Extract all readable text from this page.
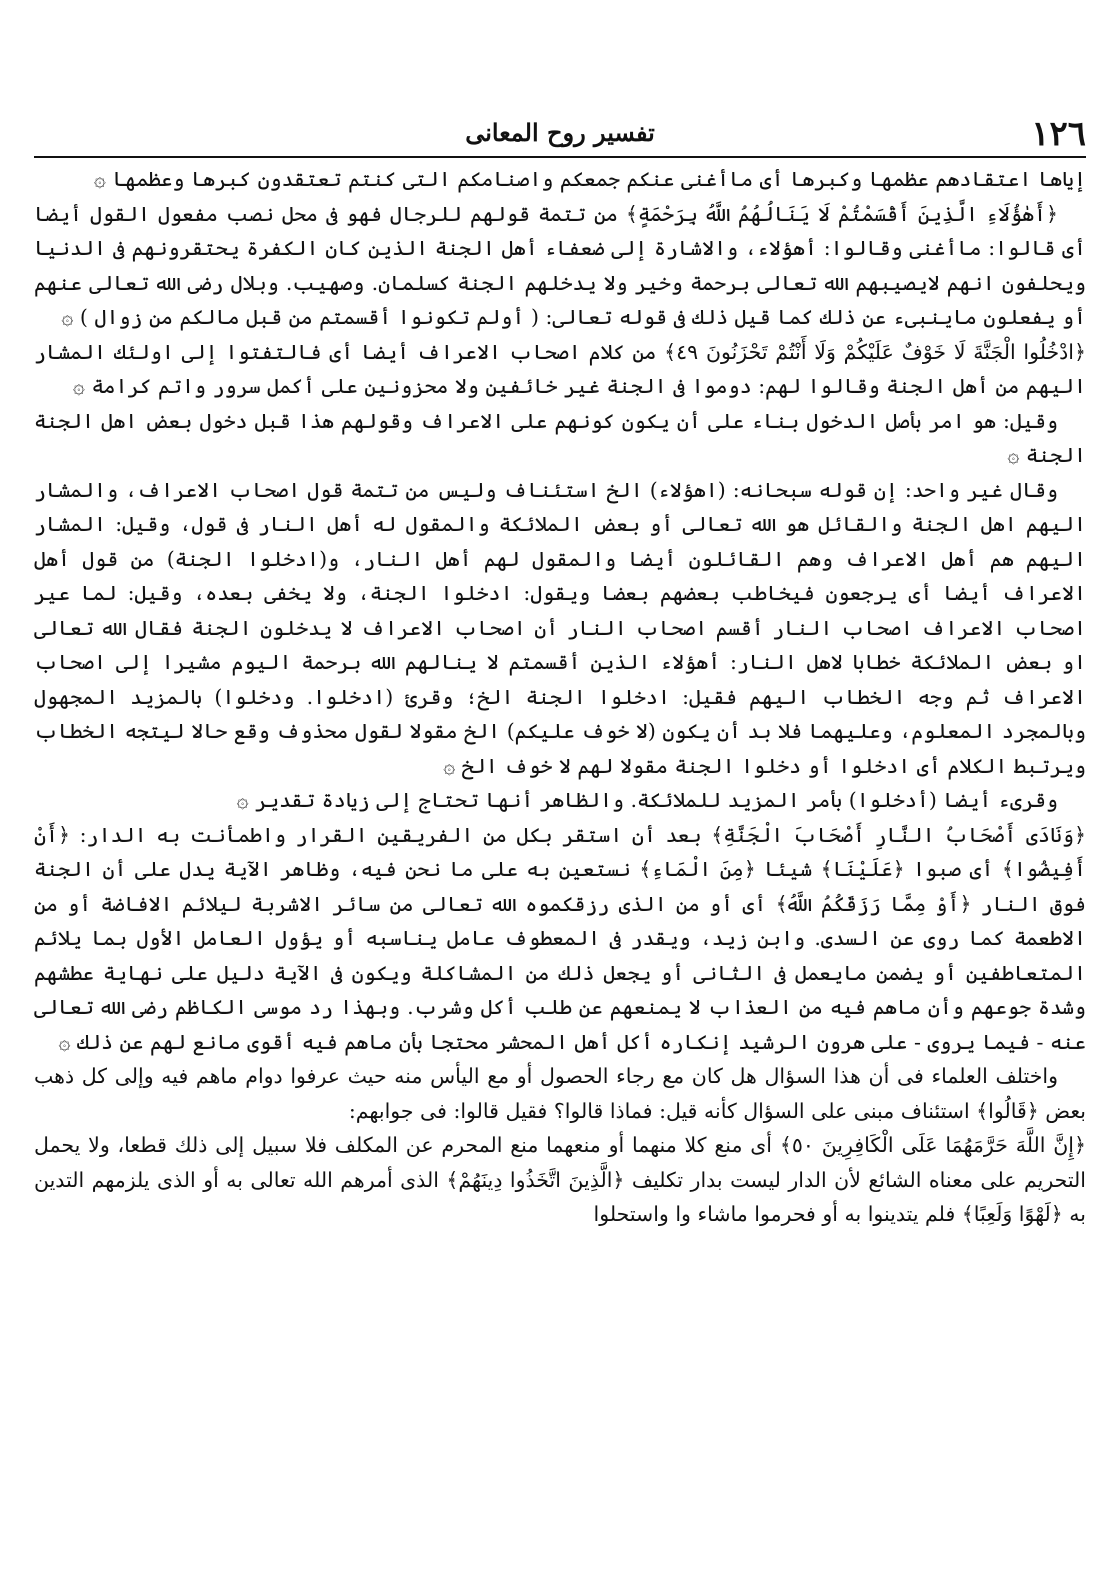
١٢٦
تفسير روح المعانى

إياها اعتقادهم عظمها وكبرها أى ماأغنى عنكم جمعكم واصنامكم التى كنتم تعتقدون كبرها وعظمها ۞

﴿أَهٰؤُلَاءِ الَّذِينَ أَقْسَمْتُمْ لَا يَنَالُهُمُ اللَّهُ بِرَحْمَةٍ﴾ من تتمة قولهم للرجال فهو فى محل نصب مفعول القول أيضا أى قالوا: ماأغنى وقالوا: أهؤلاء، والاشارة إلى ضعفاء أهل الجنة الذين كان الكفرة يحتقرونهم فى الدنيا ويحلفون انهم لايصيبهم الله تعالى برحمة وخير ولا يدخلهم الجنة كسلمان. وصهيب. وبلال رضى الله تعالى عنهم أو يفعلون ماينبىء عن ذلك كما قيل ذلك فى قوله تعالى: ( أولم تكونوا أقسمتم من قبل مالكم من زوال ) ۞

﴿ادْخُلُوا الْجَنَّةَ لَا خَوْفٌ عَلَيْكُمْ وَلَا أَنْتُمْ تَحْزَنُونَ ٤٩﴾ من كلام اصحاب الاعراف أيضا أى فالتفتوا إلى اولئك المشار اليهم من أهل الجنة وقالوا لهم: دوموا فى الجنة غير خائفين ولا محزونين على أكمل سرور واتم كرامة ۞

وقيل: هو امر بأصل الدخول بناء على أن يكون كونهم على الاعراف وقولهم هذا قبل دخول بعض اهل الجنة الجنة ۞

وقال غير واحد: إن قوله سبحانه: (اهؤلاء) الخ استئناف وليس من تتمة قول اصحاب الاعراف، والمشار اليهم اهل الجنة والقائل هو الله تعالى أو بعض الملائكة والمقول له أهل النار فى قول، وقيل: المشار اليهم هم أهل الاعراف وهم القائلون أيضا والمقول لهم أهل النار، و(ادخلوا الجنة) من قول أهل الاعراف أيضا أى يرجعون فيخاطب بعضهم بعضا ويقول: ادخلوا الجنة، ولا يخفى بعده، وقيل: لما عير اصحاب الاعراف اصحاب النار أقسم اصحاب النار أن اصحاب الاعراف لا يدخلون الجنة فقال الله تعالى او بعض الملائكة خطابا لاهل النار: أهؤلاء الذين أقسمتم لا ينالهم الله برحمة اليوم مشيرا إلى اصحاب الاعراف ثم وجه الخطاب اليهم فقيل: ادخلوا الجنة الخ؛ وقرئ (ادخلوا. ودخلوا) بالمزيد المجهول وبالمجرد المعلوم، وعليهما فلا بد أن يكون (لا خوف عليكم) الخ مقولا لقول محذوف وقع حالا ليتجه الخطاب ويرتبط الكلام أى ادخلوا أو دخلوا الجنة مقولا لهم لا خوف الخ ۞

وقرىء أيضا (أدخلوا) بأمر المزيد للملائكة. والظاهر أنها تحتاج إلى زيادة تقدير ۞

﴿وَنَادَى أَصْحَابُ النَّارِ أَصْحَابَ الْجَنَّةِ﴾ بعد أن استقر بكل من الفريقين القرار واطمأنت به الدار: ﴿أَنْ أَفِيضُوا﴾ أى صبوا ﴿عَلَيْنَا﴾ شيئا ﴿مِنَ الْمَاءِ﴾ نستعين به على ما نحن فيه، وظاهر الآية يدل على أن الجنة فوق النار ﴿أَوْ مِمَّا رَزَقَكُمُ اللَّهُ﴾ أى أو من الذى رزقكموه الله تعالى من سائر الاشربة ليلائم الافاضة أو من الاطعمة كما روى عن السدى. وابن زيد، ويقدر فى المعطوف عامل يناسبه أو يؤول العامل الأول بما يلائم المتعاطفين أو يضمن مايعمل فى الثانى أو يجعل ذلك من المشاكلة ويكون فى الآية دليل على نهاية عطشهم وشدة جوعهم وأن ماهم فيه من العذاب لا يمنعهم عن طلب أكل وشرب. وبهذا رد موسى الكاظم رضى الله تعالى عنه - فيما يروى - على هرون الرشيد إنكاره أكل أهل المحشر محتجا بأن ماهم فيه أقوى مانع لهم عن ذلك ۞

واختلف العلماء فى أن هذا السؤال هل كان مع رجاء الحصول أو مع اليأس منه حيث عرفوا دوام ماهم فيه وإلى كل ذهب بعض ﴿قَالُوا﴾ استئناف مبنى على السؤال كأنه قيل: فماذا قالوا؟ فقيل قالوا: فى جوابهم:

﴿إِنَّ اللَّهَ حَرَّمَهُمَا عَلَى الْكَافِرِينَ ٥٠﴾ أى منع كلا منهما أو منعهما منع المحرم عن المكلف فلا سبيل إلى ذلك قطعا، ولا يحمل التحريم على معناه الشائع لأن الدار ليست بدار تكليف ﴿الَّذِينَ اتَّخَذُوا دِينَهُمْ﴾ الذى أمرهم الله تعالى به أو الذى يلزمهم التدين به ﴿لَهْوًا وَلَعِبًا﴾ فلم يتدينوا به أو فحرموا ماشاء وا واستحلوا
